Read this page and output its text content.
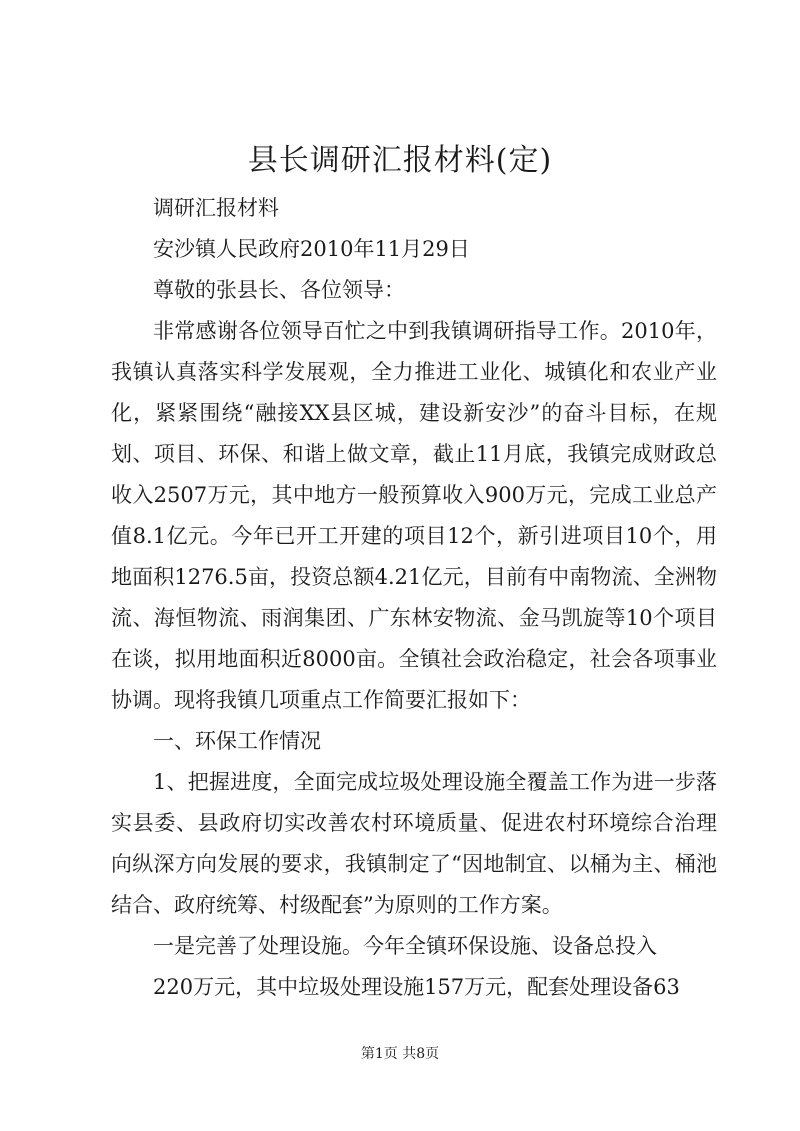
县长调研汇报材料(定)

调研汇报材料

安沙镇人民政府2010年11月29日

尊敬的张县长、各位领导：

非常感谢各位领导百忙之中到我镇调研指导工作。2010年，我镇认真落实科学发展观，全力推进工业化、城镇化和农业产业化，紧紧围绕“融接XX县区城，建设新安沙”的奋斗目标，在规划、项目、环保、和谐上做文章，截止11月底，我镇完成财政总收入2507万元，其中地方一般预算收入900万元，完成工业总产值8.1亿元。今年已开工开建的项目12个，新引进项目10个，用地面积1276.5亩，投资总额4.21亿元，目前有中南物流、全洲物流、海恒物流、雨润集团、广东林安物流、金马凯旋等10个项目在谈，拟用地面积近8000亩。全镇社会政治稳定，社会各项事业协调。现将我镇几项重点工作简要汇报如下：

一、环保工作情况

1、把握进度，全面完成垃圾处理设施全覆盖工作为进一步落实县委、县政府切实改善农村环境质量、促进农村环境综合治理向纵深方向发展的要求，我镇制定了“因地制宜、以桶为主、桶池结合、政府统筹、村级配套”为原则的工作方案。

一是完善了处理设施。今年全镇环保设施、设备总投入

220万元，其中垃圾处理设施157万元，配套处理设备63

第1页 共8页
